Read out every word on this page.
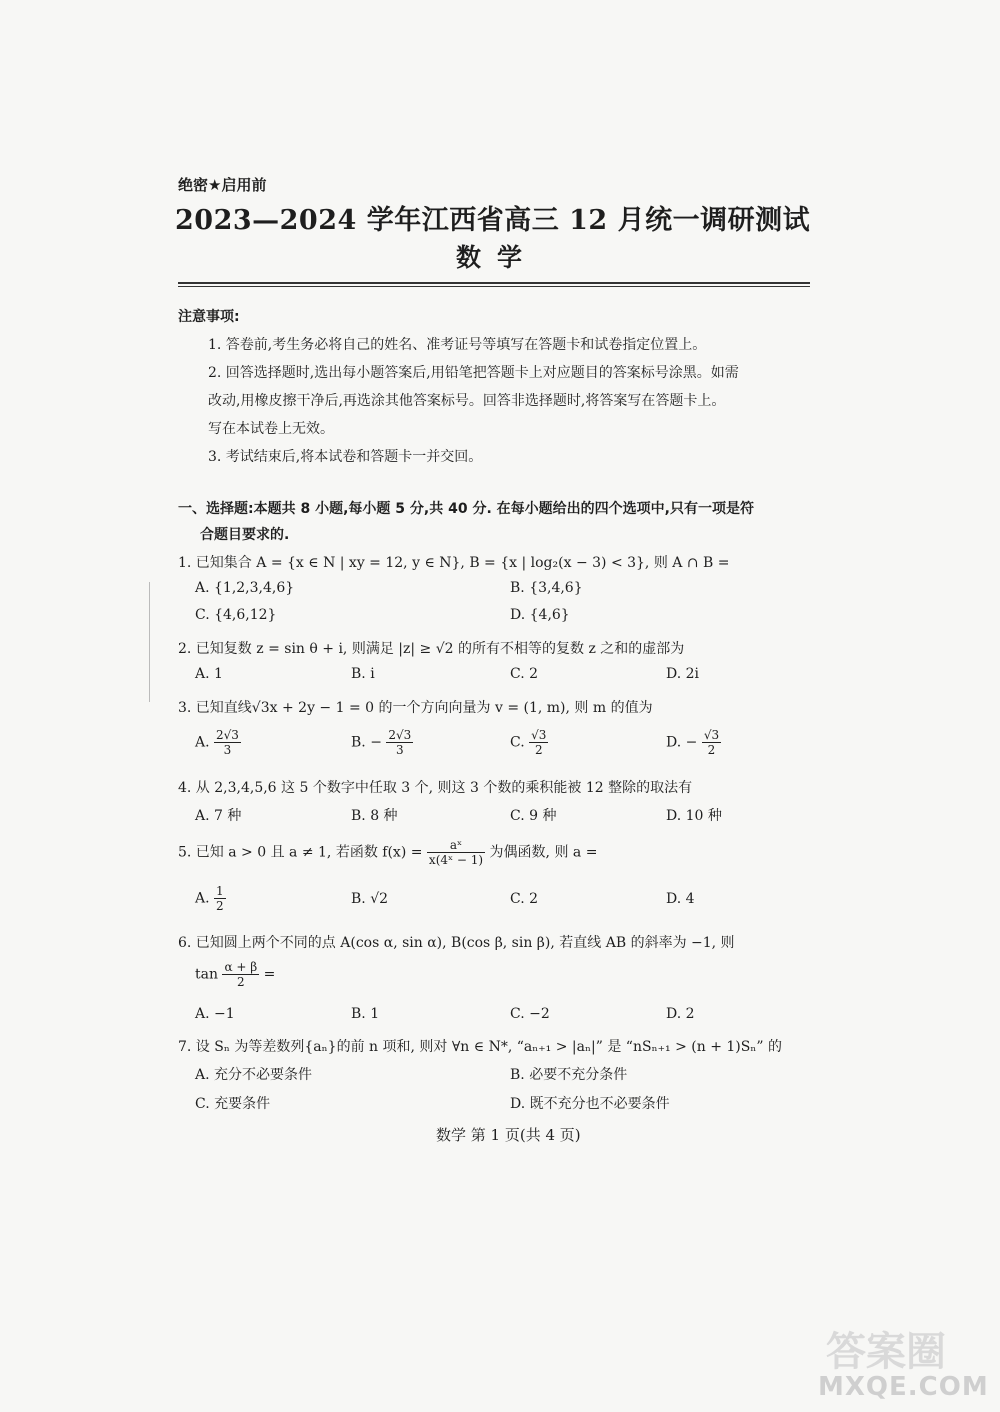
绝密★启用前
2023—2024 学年江西省高三 12 月统一调研测试
数学
注意事项:
1. 答卷前,考生务必将自己的姓名、准考证号等填写在答题卡和试卷指定位置上。
2. 回答选择题时,选出每小题答案后,用铅笔把答题卡上对应题目的答案标号涂黑。如需
改动,用橡皮擦干净后,再选涂其他答案标号。回答非选择题时,将答案写在答题卡上。
写在本试卷上无效。
3. 考试结束后,将本试卷和答题卡一并交回。
一、选择题:本题共 8 小题,每小题 5 分,共 40 分. 在每小题给出的四个选项中,只有一项是符
合题目要求的.
1. 已知集合 A = {x ∈ N | xy = 12, y ∈ N}, B = {x | log₂(x − 3) < 3}, 则 A ∩ B =
A. {1,2,3,4,6}	B. {3,4,6}
C. {4,6,12}	D. {4,6}
2. 已知复数 z = sin θ + i, 则满足 |z| ≥ √2 的所有不相等的复数 z 之和的虚部为
A. 1	B. i	C. 2	D. 2i
3. 已知直线√3x + 2y − 1 = 0 的一个方向向量为 v = (1, m), 则 m 的值为
A. $\frac{2√3}{3}$	B. − $\frac{2√3}{3}$	C. $\frac{√3}{2}$	D. − $\frac{√3}{2}$
4. 从 2,3,4,5,6 这 5 个数字中任取 3 个, 则这 3 个数的乘积能被 12 整除的取法有
A. 7 种	B. 8 种	C. 9 种	D. 10 种
5. 已知 a > 0 且 a ≠ 1, 若函数 $f(x) = \frac{\text{aˣ}}{\text{x(4ˣ − 1)}}$ 为偶函数, 则 a =
A. $\frac{1}{2}$	B. √2	C. 2	D. 4
6. 已知圆上两个不同的点 A(cos α, sin α), B(cos β, sin β), 若直线 AB 的斜率为 −1, 则
$\tan \frac{\alpha + \beta}{2}$ =
A. −1	B. 1	C. −2	D. 2
7. 设 Sₙ 为等差数列{aₙ}的前 n 项和, 则对 ∀n ∈ N*, “aₙ₊₁ > |aₙ|” 是 “nSₙ₊₁ > (n + 1)Sₙ” 的
A. 充分不必要条件	B. 必要不充分条件
C. 充要条件	D. 既不充分也不必要条件
数学 第 1 页(共 4 页)
答案圈
MXQE.COM
